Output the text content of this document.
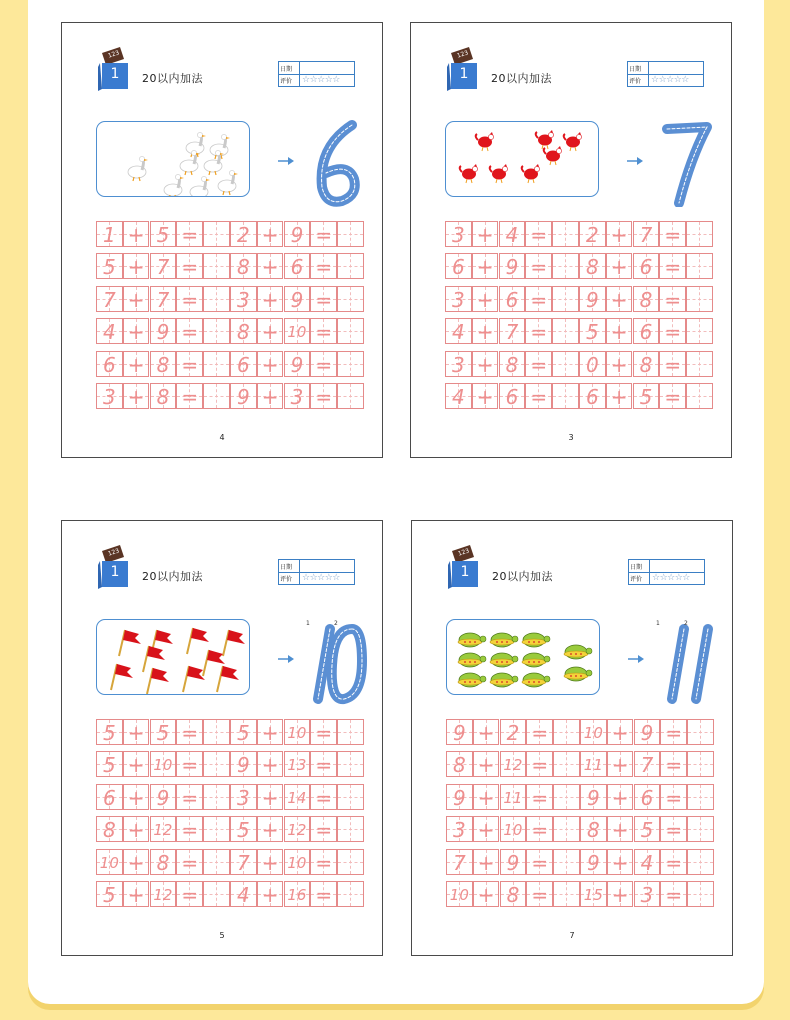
123
1 20以内加法
日期
评价	☆☆☆☆☆
1 + 5 = 2 + 9 =
5 + 7 = 8 + 6 =
7 + 7 = 3 + 9 =
4 + 9 = 8 + 10 =
6 + 8 = 6 + 9 =
3 + 8 = 9 + 3 =
4
123
1 20以内加法
日期
评价	☆☆☆☆☆
3 + 4 = 2 + 7 =
6 + 9 = 8 + 6 =
3 + 6 = 9 + 8 =
4 + 7 = 5 + 6 =
3 + 8 = 0 + 8 =
4 + 6 = 6 + 5 =
3
123
1 20以内加法
日期
评价	☆☆☆☆☆
1	2
5 + 5 = 5 + 10 =
5 + 10 = 9 + 13 =
6 + 9 = 3 + 14 =
8 + 12 = 5 + 12 =
10 + 8 = 7 + 10 =
5 + 12 = 4 + 16 =
5
123
1 20以内加法
日期
评价	☆☆☆☆☆
1	2
9 + 2 = 10 + 9 =
8 + 12 = 11 + 7 =
9 + 11 = 9 + 6 =
3 + 10 = 8 + 5 =
7 + 9 = 9 + 4 =
10 + 8 = 15 + 3 =
7
